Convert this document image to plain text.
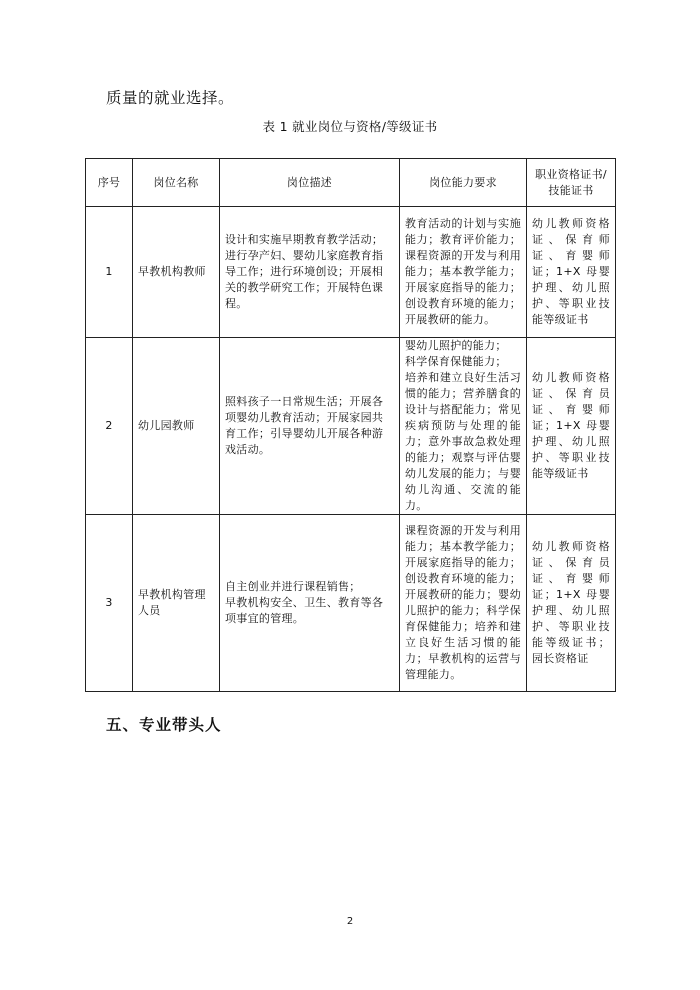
质量的就业选择。
表 1 就业岗位与资格/等级证书
序号	岗位名称	岗位描述	岗位能力要求	职业资格证书/技能证书
1	早教机构教师	设计和实施早期教育教学活动；进行孕产妇、婴幼儿家庭教育指导工作；进行环境创设；开展相关的教学研究工作；开展特色课程。	教育活动的计划与实施能力；教育评价能力；课程资源的开发与利用能力；基本教学能力；开展家庭指导的能力；创设教育环境的能力；开展教研的能力。	幼儿教师资格证、保育师证、育婴师证；1+X 母婴护理、幼儿照护、等职业技能等级证书
2	幼儿园教师	照料孩子一日常规生活；开展各项婴幼儿教育活动；开展家园共育工作；引导婴幼儿开展各种游戏活动。	婴幼儿照护的能力；
科学保育保健能力；
培养和建立良好生活习惯的能力；营养膳食的设计与搭配能力；常见疾病预防与处理的能力；意外事故急救处理的能力；观察与评估婴幼儿发展的能力；与婴幼儿沟通、交流的能力。	幼儿教师资格证、保育员证、育婴师证；1+X 母婴护理、幼儿照护、等职业技能等级证书
3	早教机构管理人员	自主创业并进行课程销售；
早教机构安全、卫生、教育等各项事宜的管理。	课程资源的开发与利用能力；基本教学能力；开展家庭指导的能力；创设教育环境的能力；开展教研的能力；婴幼儿照护的能力；科学保育保健能力；培养和建立良好生活习惯的能力；早教机构的运营与管理能力。	幼儿教师资格证、保育员证、育婴师证；1+X 母婴护理、幼儿照护、等职业技能等级证书；园长资格证
五、专业带头人
2
